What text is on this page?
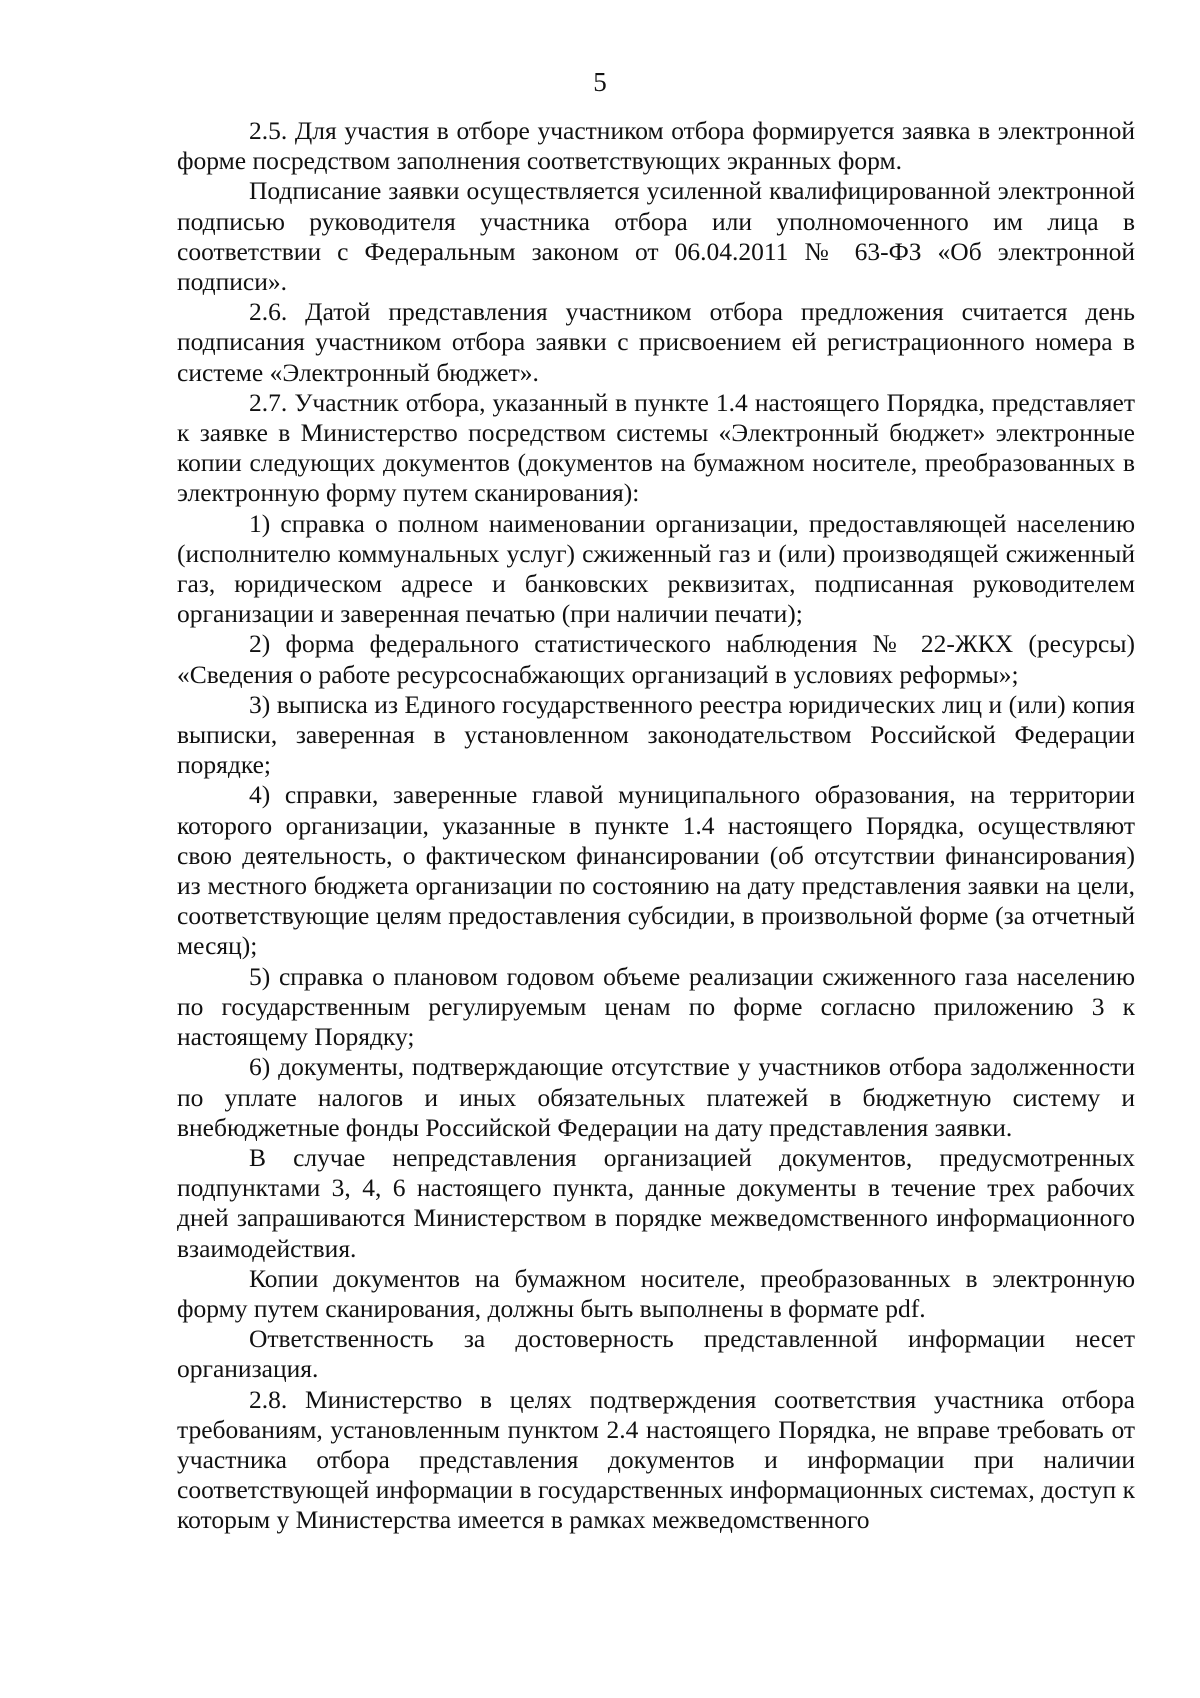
5

2.5. Для участия в отборе участником отбора формируется заявка в электронной форме посредством заполнения соответствующих экранных форм.

Подписание заявки осуществляется усиленной квалифицированной электронной подписью руководителя участника отбора или уполномоченного им лица в соответствии с Федеральным законом от 06.04.2011 № 63-ФЗ «Об электронной подписи».

2.6. Датой представления участником отбора предложения считается день подписания участником отбора заявки с присвоением ей регистрационного номера в системе «Электронный бюджет».

2.7. Участник отбора, указанный в пункте 1.4 настоящего Порядка, представляет к заявке в Министерство посредством системы «Электронный бюджет» электронные копии следующих документов (документов на бумажном носителе, преобразованных в электронную форму путем сканирования):

1) справка о полном наименовании организации, предоставляющей населению (исполнителю коммунальных услуг) сжиженный газ и (или) производящей сжиженный газ, юридическом адресе и банковских реквизитах, подписанная руководителем организации и заверенная печатью (при наличии печати);

2) форма федерального статистического наблюдения № 22-ЖКХ (ресурсы) «Сведения о работе ресурсоснабжающих организаций в условиях реформы»;

3) выписка из Единого государственного реестра юридических лиц и (или) копия выписки, заверенная в установленном законодательством Российской Федерации порядке;

4) справки, заверенные главой муниципального образования, на территории которого организации, указанные в пункте 1.4 настоящего Порядка, осуществляют свою деятельность, о фактическом финансировании (об отсутствии финансирования) из местного бюджета организации по состоянию на дату представления заявки на цели, соответствующие целям предоставления субсидии, в произвольной форме (за отчетный месяц);

5) справка о плановом годовом объеме реализации сжиженного газа населению по государственным регулируемым ценам по форме согласно приложению 3 к настоящему Порядку;

6) документы, подтверждающие отсутствие у участников отбора задолженности по уплате налогов и иных обязательных платежей в бюджетную систему и внебюджетные фонды Российской Федерации на дату представления заявки.

В случае непредставления организацией документов, предусмотренных подпунктами 3, 4, 6 настоящего пункта, данные документы в течение трех рабочих дней запрашиваются Министерством в порядке межведомственного информационного взаимодействия.

Копии документов на бумажном носителе, преобразованных в электронную форму путем сканирования, должны быть выполнены в формате pdf.

Ответственность за достоверность представленной информации несет организация.

2.8. Министерство в целях подтверждения соответствия участника отбора требованиям, установленным пунктом 2.4 настоящего Порядка, не вправе требовать от участника отбора представления документов и информации при наличии соответствующей информации в государственных информационных системах, доступ к которым у Министерства имеется в рамках межведомственного
